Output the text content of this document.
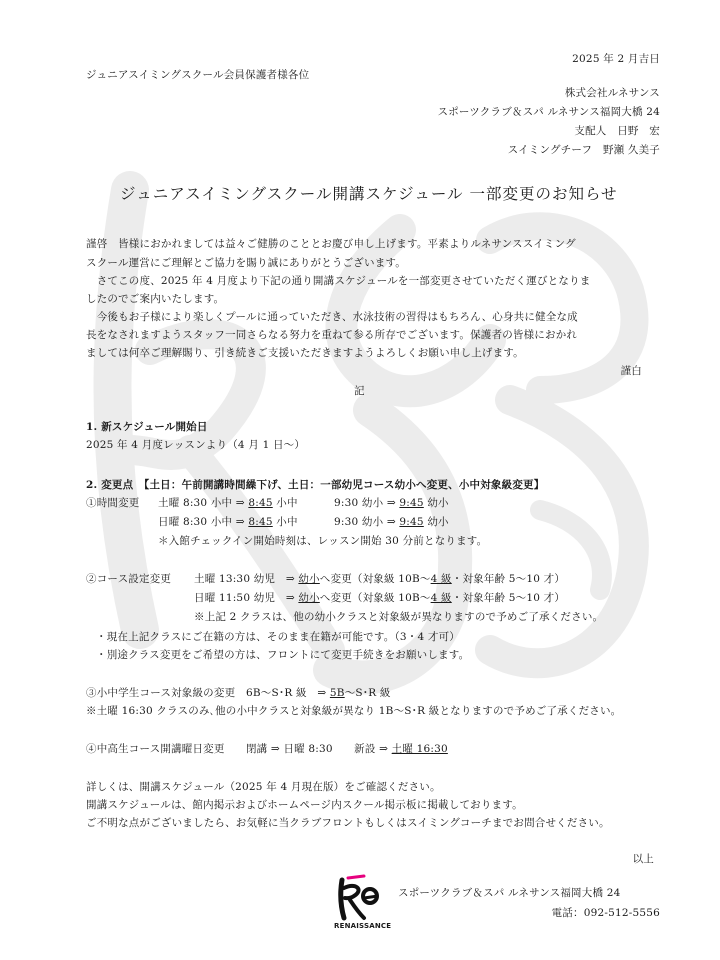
2025 年 2 月吉日
ジュニアスイミングスクール会員保護者様各位
株式会社ルネサンス
スポーツクラブ＆スパ ルネサンス福岡大橋 24
支配人　日野　宏
スイミングチーフ　野瀬 久美子
ジュニアスイミングスクール開講スケジュール 一部変更のお知らせ
謹啓　皆様におかれましては益々ご健勝のこととお慶び申し上げます。平素よりルネサンススイミング
スクール運営にご理解とご協力を賜り誠にありがとうございます。
　さてこの度、2025 年 4 月度より下記の通り開講スケジュールを一部変更させていただく運びとなりま
したのでご案内いたします。
　今後もお子様により楽しくプールに通っていただき、水泳技術の習得はもちろん、心身共に健全な成
長をなされますようスタッフ一同さらなる努力を重ねて参る所存でございます。保護者の皆様におかれ
ましては何卒ご理解賜り、引き続きご支援いただきますようよろしくお願い申し上げます。
謹白
記
1. 新スケジュール開始日
2025 年 4 月度レッスンより（4 月 1 日～）
2. 変更点　【土日：午前開講時間繰下げ、土日：一部幼児コース幼小へ変更、小中対象級変更】
①時間変更 土曜 8:30 小中 ⇒ 8:45 小中	9:30 幼小 ⇒ 9:45 幼小
日曜 8:30 小中 ⇒ 8:45 小中	9:30 幼小 ⇒ 9:45 幼小
＊入館チェックイン開始時刻は、レッスン開始 30 分前となります。
②コース設定変更 土曜 13:30 幼児　⇒ 幼小へ変更（対象級 10B～4 級・対象年齢 5～10 才）
日曜 11:50 幼児　⇒ 幼小へ変更（対象級 10B～4 級・対象年齢 5～10 才）
※上記 2 クラスは、他の幼小クラスと対象級が異なりますので予めご了承ください。
・現在上記クラスにご在籍の方は、そのまま在籍が可能です。（3・4 才可）
・別途クラス変更をご希望の方は、フロントにて変更手続きをお願いします。
③小中学生コース対象級の変更　6B～S･R 級　⇒ 5B～S･R 級
※土曜 16:30 クラスのみ､他の小中クラスと対象級が異なり 1B～S･R 級となりますので予めご了承ください。
④中高生コース開講曜日変更　　閉講 ⇒ 日曜 8:30　　新設 ⇒ 土曜 16:30
詳しくは、開講スケジュール（2025 年 4 月現在版）をご確認ください。
開講スケジュールは、館内掲示およびホームページ内スクール掲示板に掲載しております。
ご不明な点がございましたら、お気軽に当クラブフロントもしくはスイミングコーチまでお問合せください。
以上
RENAISSANCE
スポーツクラブ＆スパ ルネサンス福岡大橋 24
電話：092-512-5556
